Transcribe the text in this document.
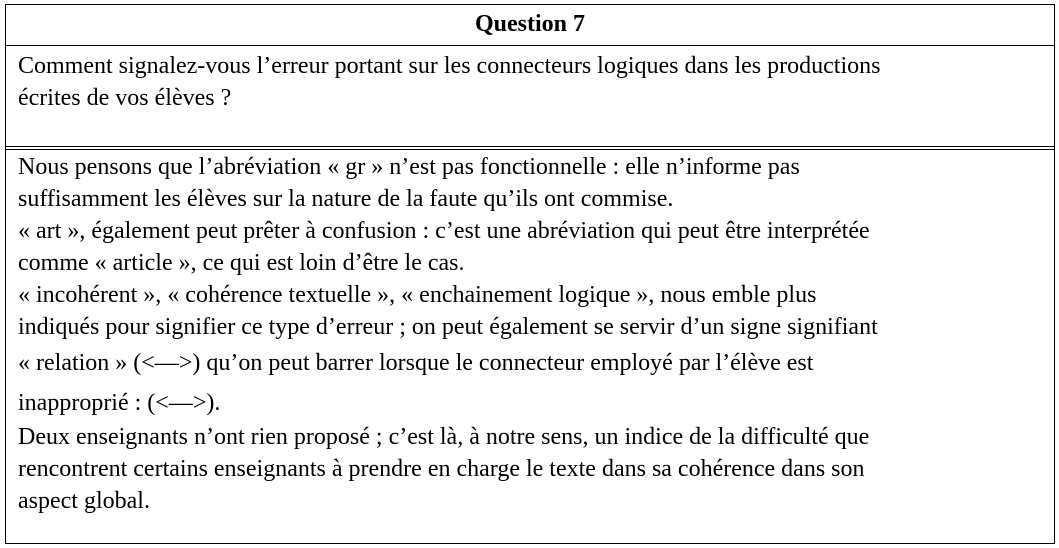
Question 7
Comment signalez-vous l’erreur portant sur les connecteurs logiques dans les productions
écrites de vos élèves ?
Nous pensons que l’abréviation « gr » n’est pas fonctionnelle : elle n’informe pas
suffisamment les élèves sur la nature de la faute qu’ils ont commise.
« art », également peut prêter à confusion : c’est une abréviation qui peut être interprétée
comme « article », ce qui est loin d’être le cas.
« incohérent », « cohérence textuelle », « enchainement logique », nous emble plus
indiqués pour signifier ce type d’erreur ; on peut également se servir d’un signe signifiant
« relation » (<—>) qu’on peut barrer lorsque le connecteur employé par l’élève est
inapproprié : (<—>).
Deux enseignants n’ont rien proposé ; c’est là, à notre sens, un indice de la difficulté que
rencontrent certains enseignants à prendre en charge le texte dans sa cohérence dans son
aspect global.
